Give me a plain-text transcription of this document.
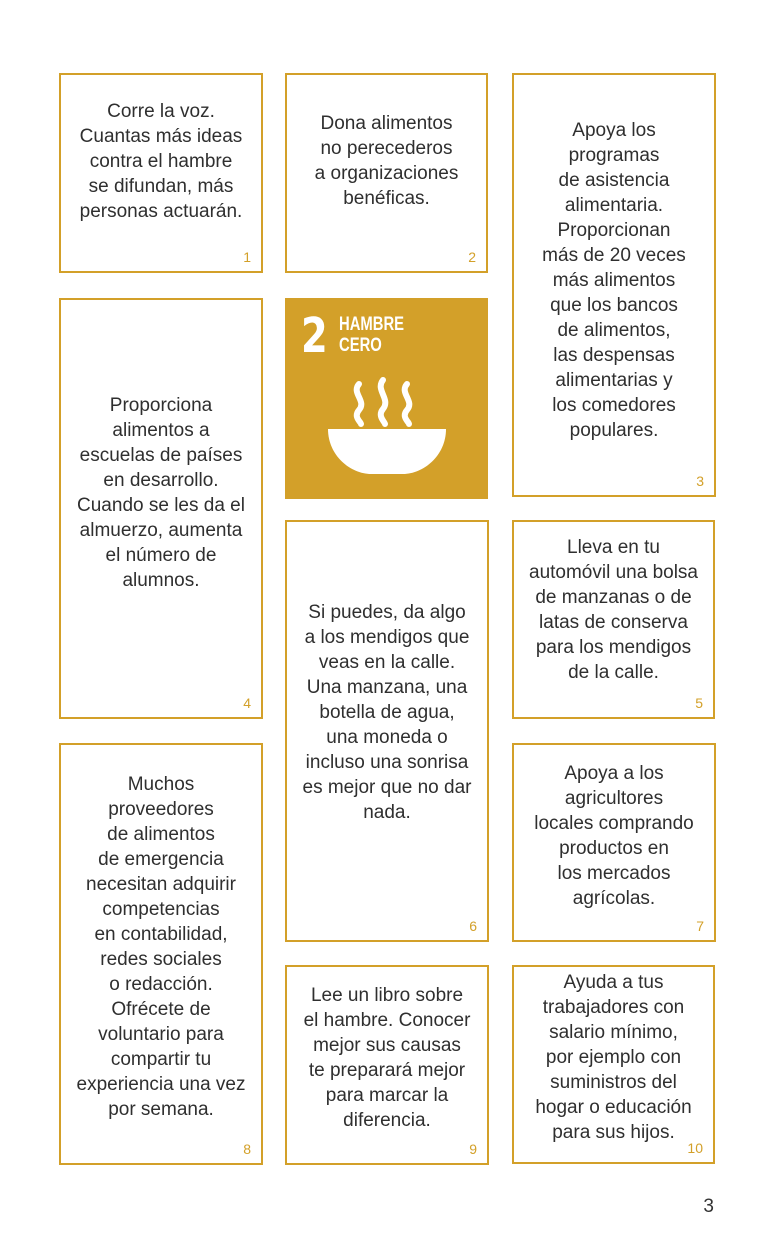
Corre la voz.
Cuantas más ideas
contra el hambre
se difundan, más
personas actuarán.
1
Dona alimentos
no perecederos
a organizaciones
benéficas.
2
Apoya los
programas
de asistencia
alimentaria.
Proporcionan
más de 20 veces
más alimentos
que los bancos
de alimentos,
las despensas
alimentarias y
los comedores
populares.
3
2 HAMBRE
CERO
Proporciona
alimentos a
escuelas de países
en desarrollo.
Cuando se les da el
almuerzo, aumenta
el número de
alumnos.
4
Lleva en tu
automóvil una bolsa
de manzanas o de
latas de conserva
para los mendigos
de la calle.
5
Si puedes, da algo
a los mendigos que
veas en la calle.
Una manzana, una
botella de agua,
una moneda o
incluso una sonrisa
es mejor que no dar
nada.
6
Apoya a los
agricultores
locales comprando
productos en
los mercados
agrícolas.
7
Muchos
proveedores
de alimentos
de emergencia
necesitan adquirir
competencias
en contabilidad,
redes sociales
o redacción.
Ofrécete de
voluntario para
compartir tu
experiencia una vez
por semana.
8
Lee un libro sobre
el hambre. Conocer
mejor sus causas
te preparará mejor
para marcar la
diferencia.
9
Ayuda a tus
trabajadores con
salario mínimo,
por ejemplo con
suministros del
hogar o educación
para sus hijos.
10
3
